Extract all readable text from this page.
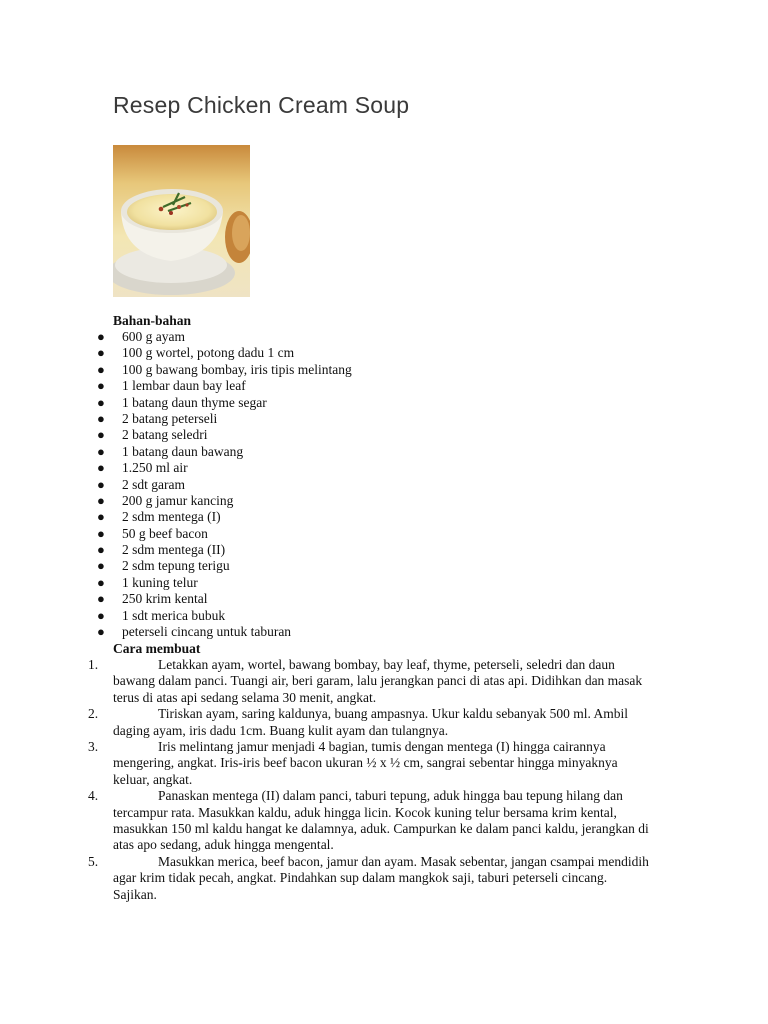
Resep Chicken Cream Soup
Bahan-bahan
● 600 g ayam
● 100 g wortel, potong dadu 1 cm
● 100 g bawang bombay, iris tipis melintang
● 1 lembar daun bay leaf
● 1 batang daun thyme segar
● 2 batang peterseli
● 2 batang seledri
● 1 batang daun bawang
● 1.250 ml air
● 2 sdt garam
● 200 g jamur kancing
● 2 sdm mentega (I)
● 50 g beef bacon
● 2 sdm mentega (II)
● 2 sdm tepung terigu
● 1 kuning telur
● 250 krim kental
● 1 sdt merica bubuk
● peterseli cincang untuk taburan
Cara membuat
1.	Letakkan ayam, wortel, bawang bombay, bay leaf, thyme, peterseli, seledri dan daun bawang dalam panci. Tuangi air, beri garam, lalu jerangkan panci di atas api. Didihkan dan masak terus di atas api sedang selama 30 menit, angkat.
2.	Tiriskan ayam, saring kaldunya, buang ampasnya. Ukur kaldu sebanyak 500 ml. Ambil daging ayam, iris dadu 1cm. Buang kulit ayam dan tulangnya.
3.	Iris melintang jamur menjadi 4 bagian, tumis dengan mentega (I) hingga cairannya mengering, angkat. Iris-iris beef bacon ukuran ½ x ½ cm, sangrai sebentar hingga minyaknya keluar, angkat.
4.	Panaskan mentega (II) dalam panci, taburi tepung, aduk hingga bau tepung hilang dan tercampur rata. Masukkan kaldu, aduk hingga licin. Kocok kuning telur bersama krim kental, masukkan 150 ml kaldu hangat ke dalamnya, aduk. Campurkan ke dalam panci kaldu, jerangkan di atas apo sedang, aduk hingga mengental.
5.	Masukkan merica, beef bacon, jamur dan ayam. Masak sebentar, jangan csampai mendidih agar krim tidak pecah, angkat. Pindahkan sup dalam mangkok saji, taburi peterseli cincang. Sajikan.
